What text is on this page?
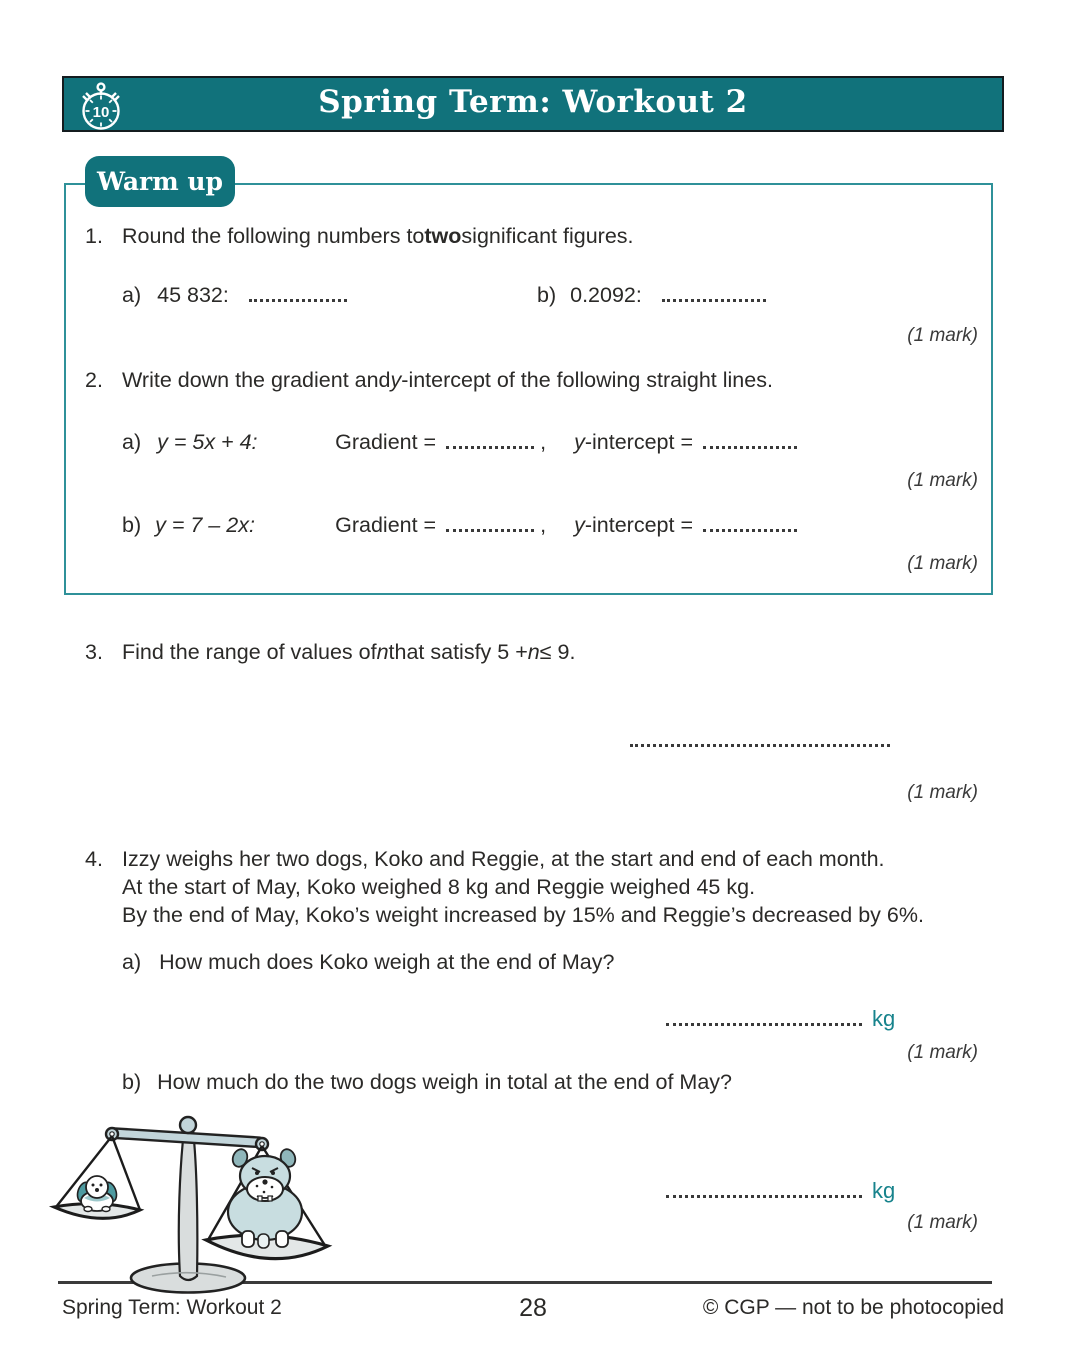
10	Spring Term: Workout 2
Warm up
1. Round the following numbers to two significant figures.
a) 45 832:	b) 0.2092:
(1 mark)
2. Write down the gradient and y -intercept of the following straight lines.
a) y = 5x + 4:	Gradient =	, y -intercept =
(1 mark)
b) y = 7 – 2x:	Gradient =	, y -intercept =
(1 mark)
3. Find the range of values of n that satisfy 5 + n ≤ 9.
(1 mark)
4. Izzy weighs her two dogs, Koko and Reggie, at the start and end of each month.
At the start of May, Koko weighed 8 kg and Reggie weighed 45 kg.
By the end of May, Koko’s weight increased by 15% and Reggie’s decreased by 6%.
a) How much does Koko weigh at the end of May?
kg
(1 mark)
b) How much do the two dogs weigh in total at the end of May?
kg
(1 mark)
Spring Term: Workout 2	28	© CGP — not to be photocopied
